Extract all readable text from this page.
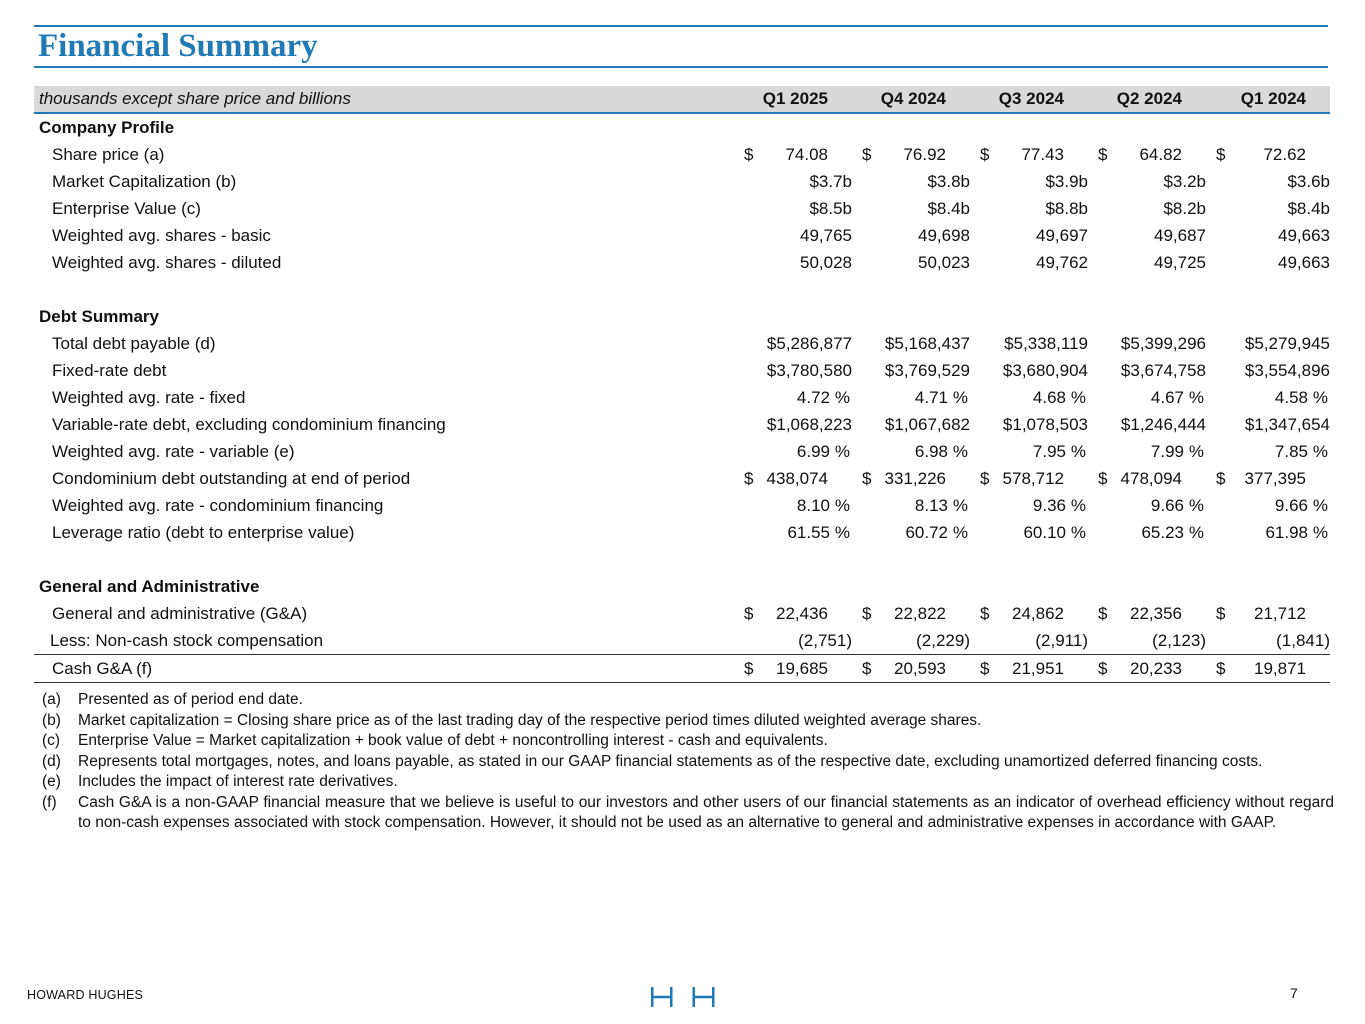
Financial Summary
thousands except share price and billions	Q1 2025	Q4 2024	Q3 2024	Q2 2024	Q1 2024
Company Profile					
Share price (a)	$ 74.08	$ 76.92	$ 77.43	$ 64.82	$ 72.62

Market Capitalization (b)	$3.7b	$3.8b	$3.9b	$3.2b	$3.6b
Enterprise Value (c)	$8.5b	$8.4b	$8.8b	$8.2b	$8.4b
Weighted avg. shares - basic	49,765	49,698	49,697	49,687	49,663
Weighted avg. shares - diluted	50,028	50,023	49,762	49,725	49,663

Debt Summary					
Total debt payable (d)	$5,286,877	$5,168,437	$5,338,119	$5,399,296	$5,279,945
Fixed-rate debt	$3,780,580	$3,769,529	$3,680,904	$3,674,758	$3,554,896
Weighted avg. rate - fixed	4.72 %	4.71 %	4.68 %	4.67 %	4.58 %
Variable-rate debt, excluding condominium financing	$1,068,223	$1,067,682	$1,078,503	$1,246,444	$1,347,654
Weighted avg. rate - variable (e)	6.99 %	6.98 %	7.95 %	7.99 %	7.85 %
Condominium debt outstanding at end of period	$ 438,074	$ 331,226	$ 578,712	$ 478,094	$ 377,395

Weighted avg. rate - condominium financing	8.10 %	8.13 %	9.36 %	9.66 %	9.66 %
Leverage ratio (debt to enterprise value)	61.55 %	60.72 %	60.10 %	65.23 %	61.98 %

General and Administrative					
General and administrative (G&A)	$ 22,436	$ 22,822	$ 24,862	$ 22,356	$ 21,712

Less: Non-cash stock compensation	(2,751)	(2,229)	(2,911)	(2,123)	(1,841)
Cash G&A (f)	$ 19,685	$ 20,593	$ 21,951	$ 20,233	$ 19,871
(a)	Presented as of period end date.
(b)	Market capitalization = Closing share price as of the last trading day of the respective period times diluted weighted average shares.
(c)	Enterprise Value = Market capitalization + book value of debt + noncontrolling interest - cash and equivalents.
(d)	Represents total mortgages, notes, and loans payable, as stated in our GAAP financial statements as of the respective date, excluding unamortized deferred financing costs.
(e)	Includes the impact of interest rate derivatives.
(f)	Cash G&A is a non-GAAP financial measure that we believe is useful to our investors and other users of our financial statements as an indicator of overhead efficiency without regard to non-cash expenses associated with stock compensation. However, it should not be used as an alternative to general and administrative expenses in accordance with GAAP.
HOWARD HUGHES	7
